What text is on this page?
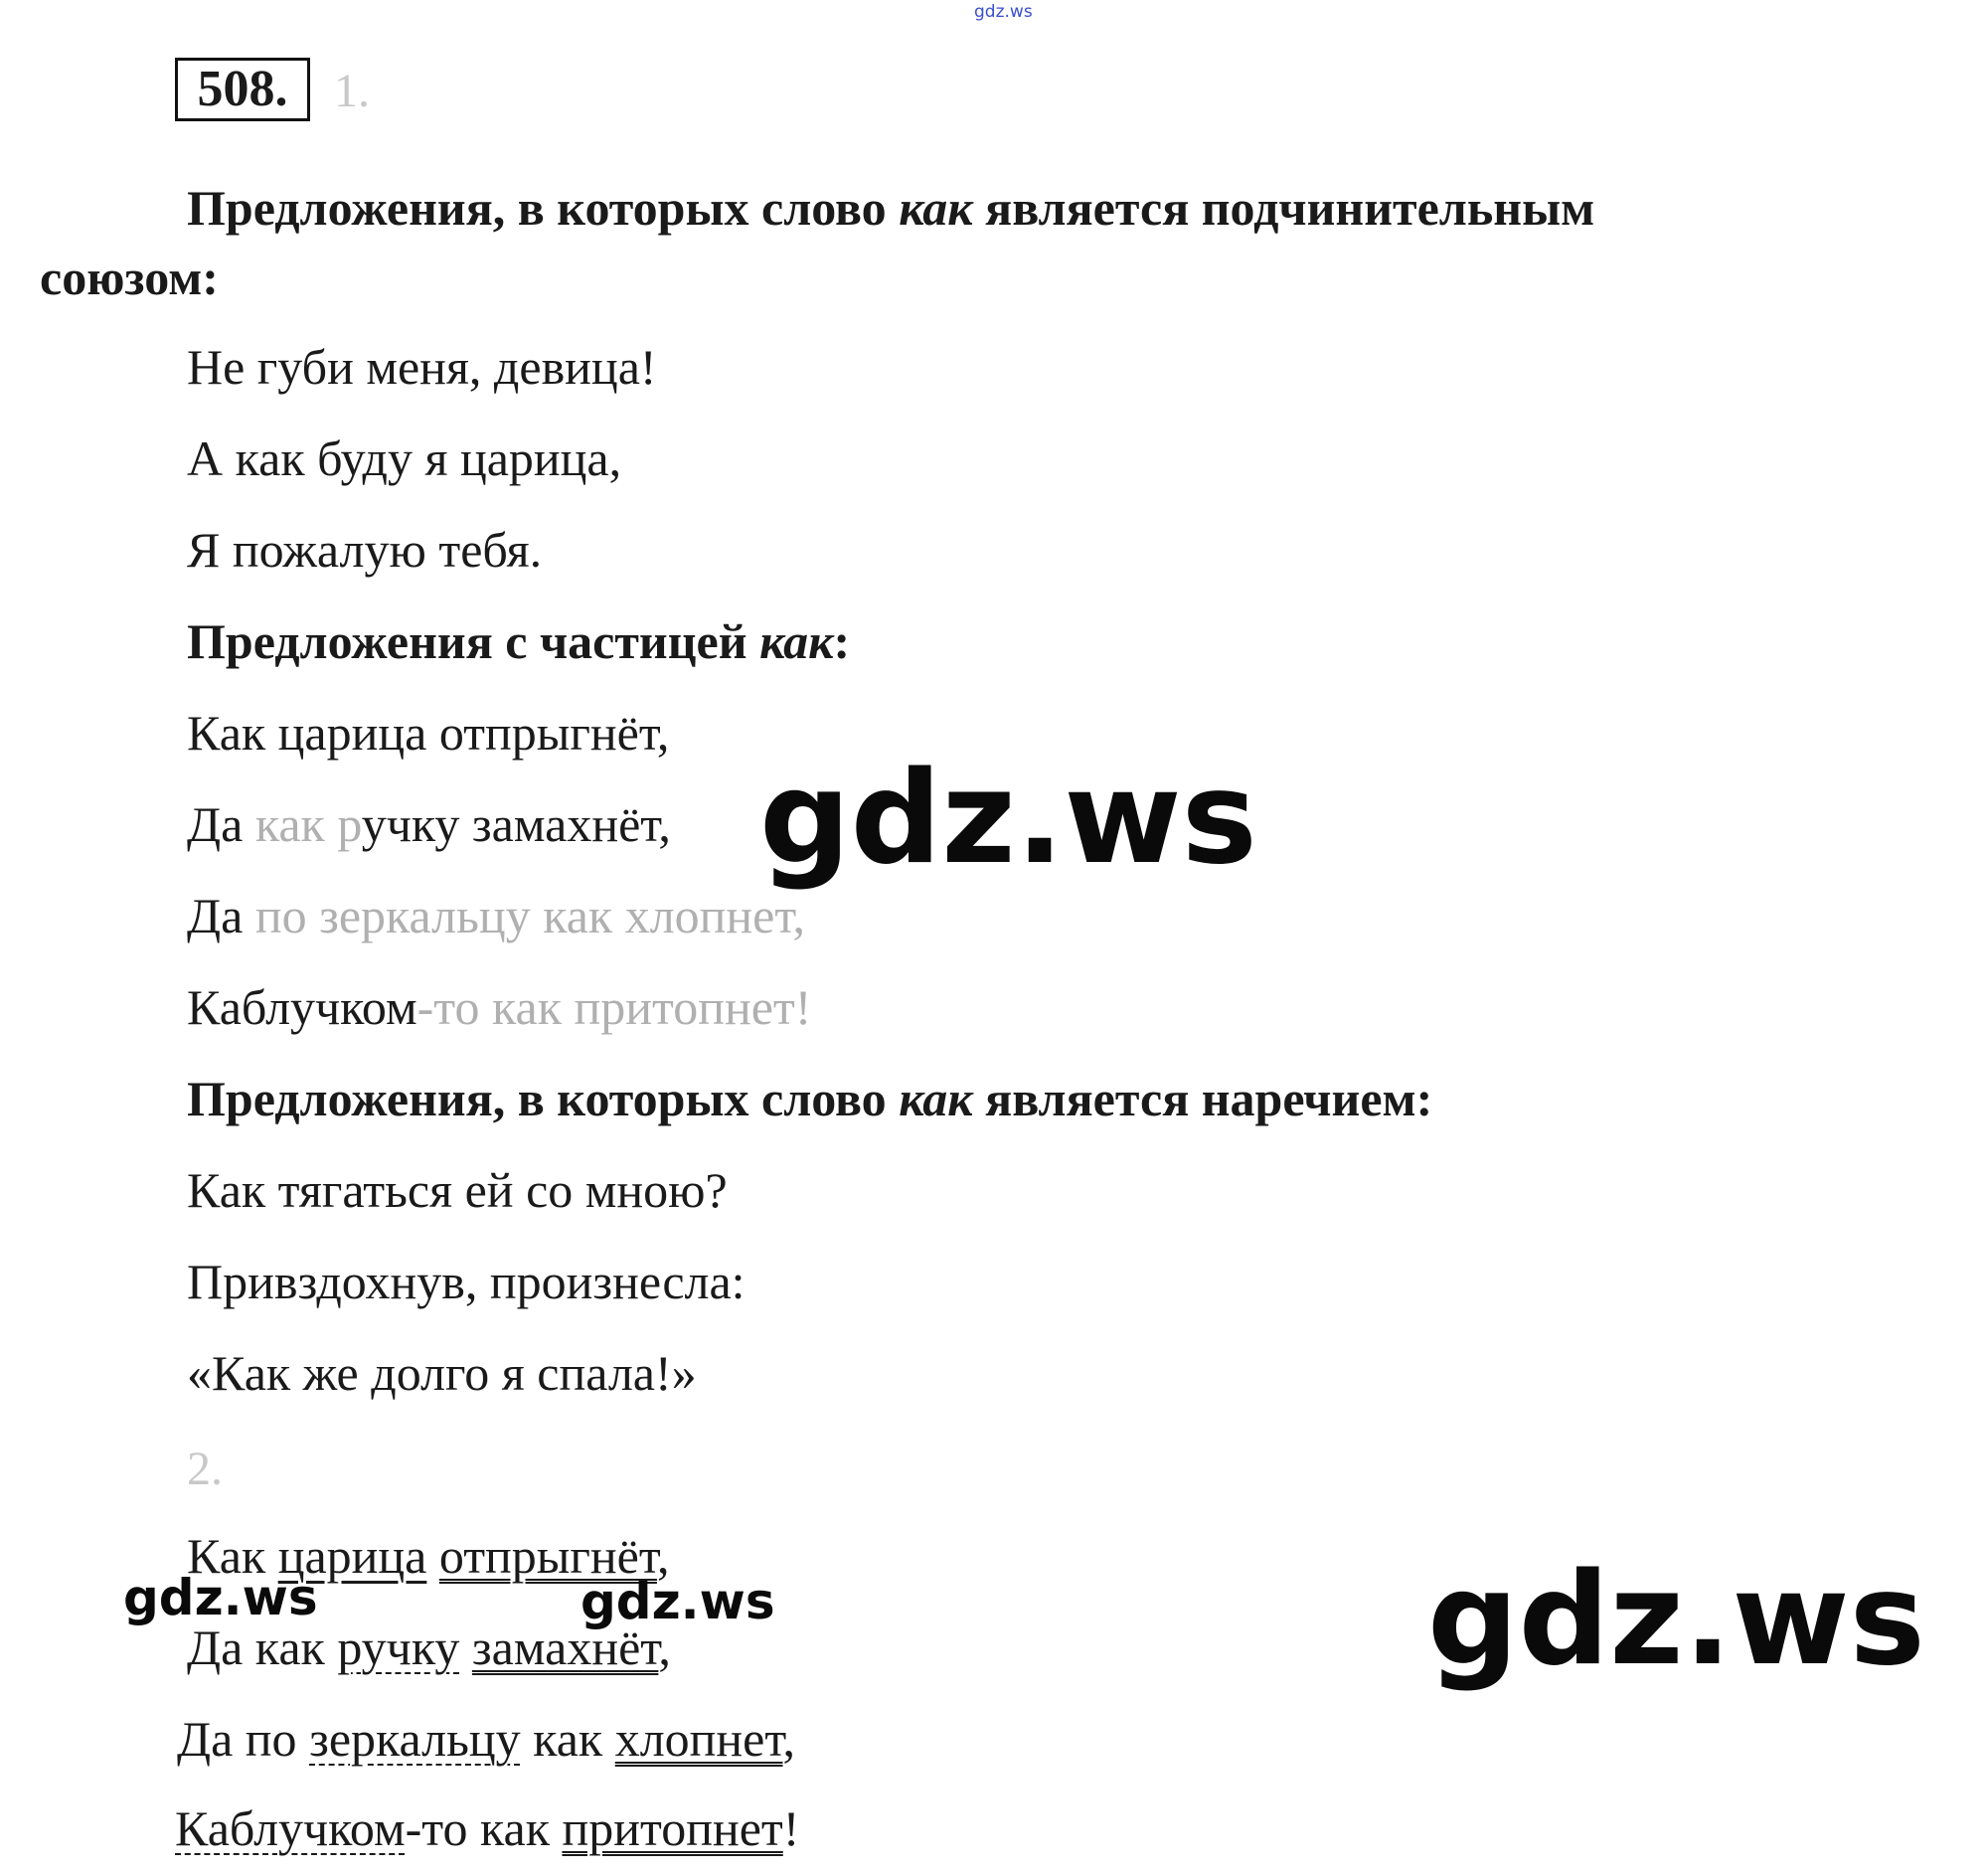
gdz.ws
508. 1.
Предложения, в которых слово как является подчинительным
союзом:
Не губи меня, девица!
А как буду я царица,
Я пожалую тебя.
Предложения с частицей как:
Как царица отпрыгнёт,
Да как ручку замахнёт,
Да по зеркальцу как хлопнет,
Каблучком-то как притопнет!
Предложения, в которых слово как является наречием:
Как тягаться ей со мною?
Привздохнув, произнесла:
«Как же долго я спала!»
2.
Как царица отпрыгнёт,
Да как ручку замахнёт,
Да по зеркальцу как хлопнет,
Каблучком-то как притопнет!
gdz.ws
gdz.ws	gdz.ws	gdz.ws
